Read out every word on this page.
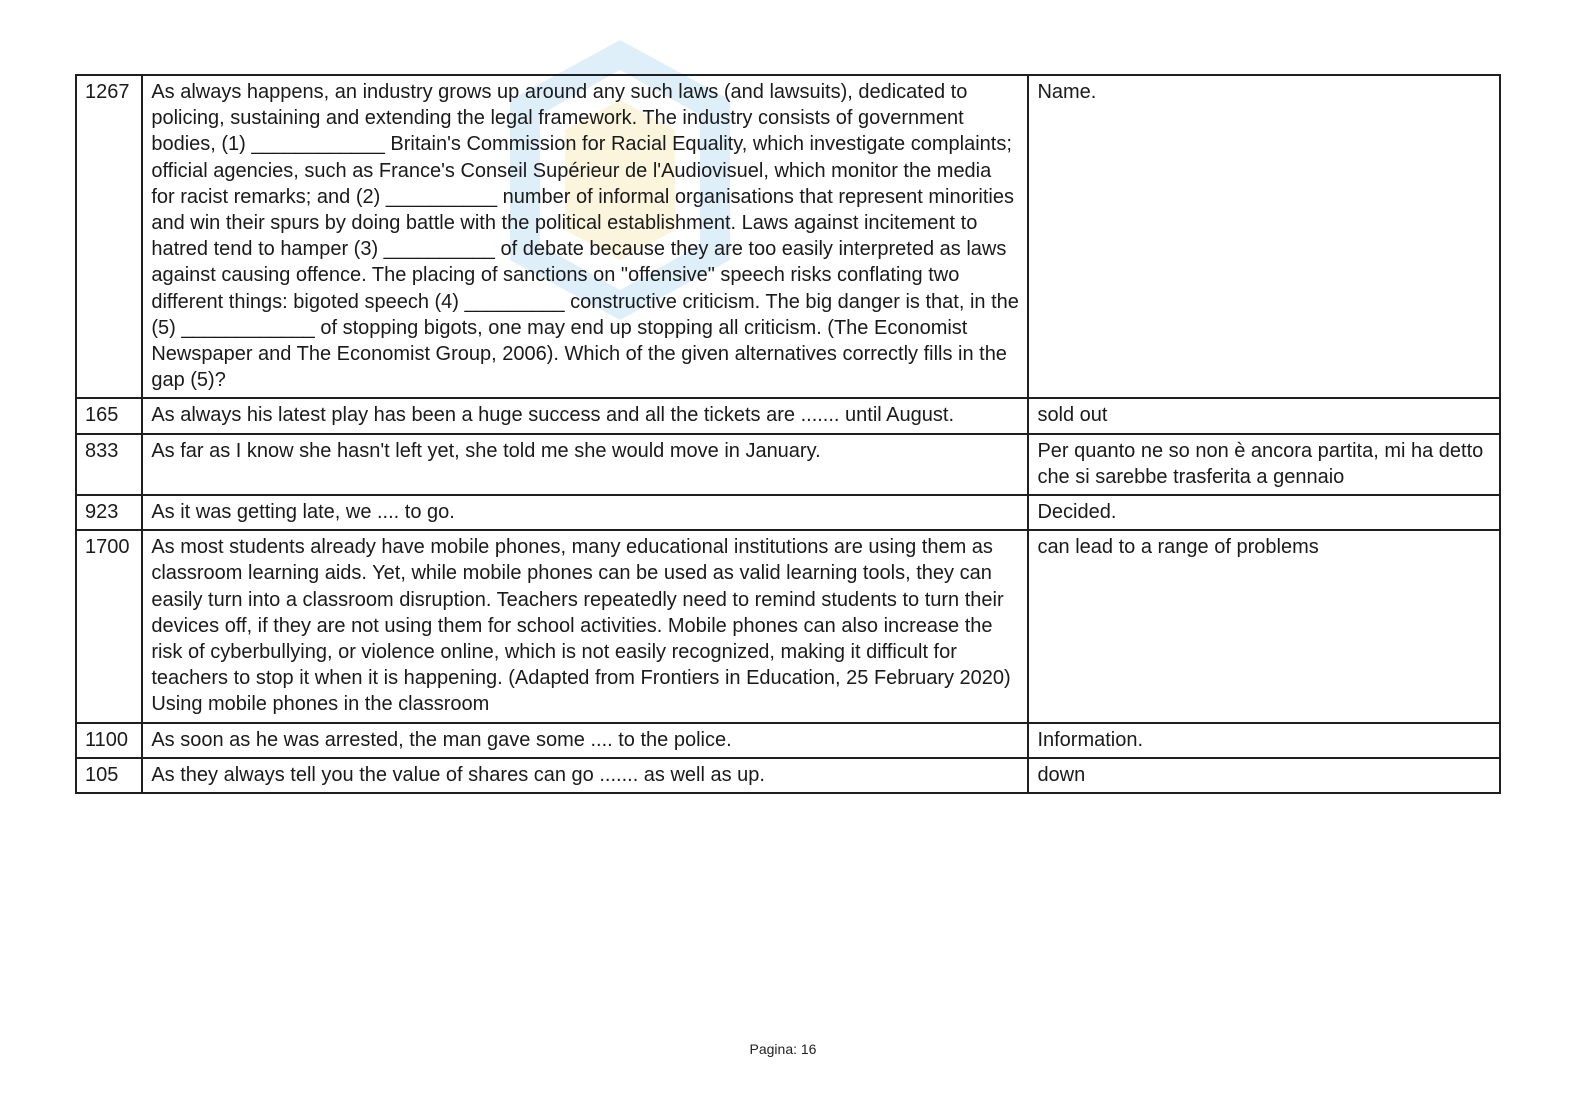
1267	As always happens, an industry grows up around any such laws (and lawsuits), dedicated to policing, sustaining and extending the legal framework. The industry consists of government bodies, (1) ____________ Britain's Commission for Racial Equality, which investigate complaints; official agencies, such as France's Conseil Supérieur de l'Audiovisuel, which monitor the media for racist remarks; and (2) __________ number of informal organisations that represent minorities and win their spurs by doing battle with the political establishment. Laws against incitement to hatred tend to hamper (3) __________ of debate because they are too easily interpreted as laws against causing offence. The placing of sanctions on "offensive" speech risks conflating two different things: bigoted speech (4) _________ constructive criticism. The big danger is that, in the (5) ____________ of stopping bigots, one may end up stopping all criticism. (The Economist Newspaper and The Economist Group, 2006). Which of the given alternatives correctly fills in the gap (5)?	Name.
165	As always his latest play has been a huge success and all the tickets are ....... until August.	sold out
833	As far as I know she hasn't left yet, she told me she would move in January.	Per quanto ne so non è ancora partita, mi ha detto che si sarebbe trasferita a gennaio
923	As it was getting late, we .... to go.	Decided.
1700	As most students already have mobile phones, many educational institutions are using them as classroom learning aids. Yet, while mobile phones can be used as valid learning tools, they can easily turn into a classroom disruption. Teachers repeatedly need to remind students to turn their devices off, if they are not using them for school activities. Mobile phones can also increase the risk of cyberbullying, or violence online, which is not easily recognized, making it difficult for teachers to stop it when it is happening. (Adapted from Frontiers in Education, 25 February 2020) Using mobile phones in the classroom	can lead to a range of problems
1100	As soon as he was arrested, the man gave some .... to the police.	Information.
105	As they always tell you the value of shares can go ....... as well as up.	down
Pagina: 16
